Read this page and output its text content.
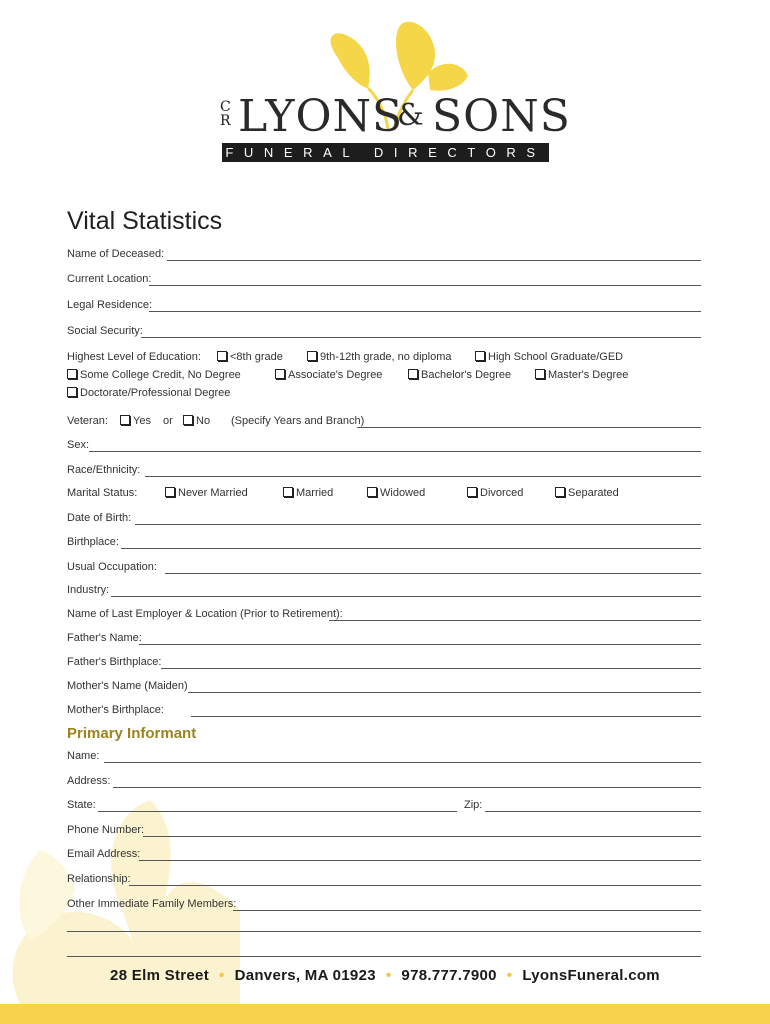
C
R LYONS
& SONS
FUNERAL DIRECTORS
Vital Statistics
Name of Deceased:
Current Location:
Legal Residence:
Social Security:
Highest Level of Education:	<8th grade	9th-12th grade, no diploma	High School Graduate/GED
Some College Credit, No Degree	Associate's Degree	Bachelor's Degree	Master's Degree
Doctorate/Professional Degree
Veteran:	Yes or	No (Specify Years and Branch)
Sex:
Race/Ethnicity:
Marital Status:	Never Married	Married	Widowed	Divorced	Separated
Date of Birth:
Birthplace:
Usual Occupation:
Industry:
Name of Last Employer & Location (Prior to Retirement):
Father's Name:
Father's Birthplace:
Mother's Name (Maiden)
Mother's Birthplace:
Primary Informant
Name:
Address:
State:	Zip:
Phone Number:
Email Address:
Relationship:
Other Immediate Family Members:
28 Elm Street • Danvers, MA 01923 • 978.777.7900 • LyonsFuneral.com
